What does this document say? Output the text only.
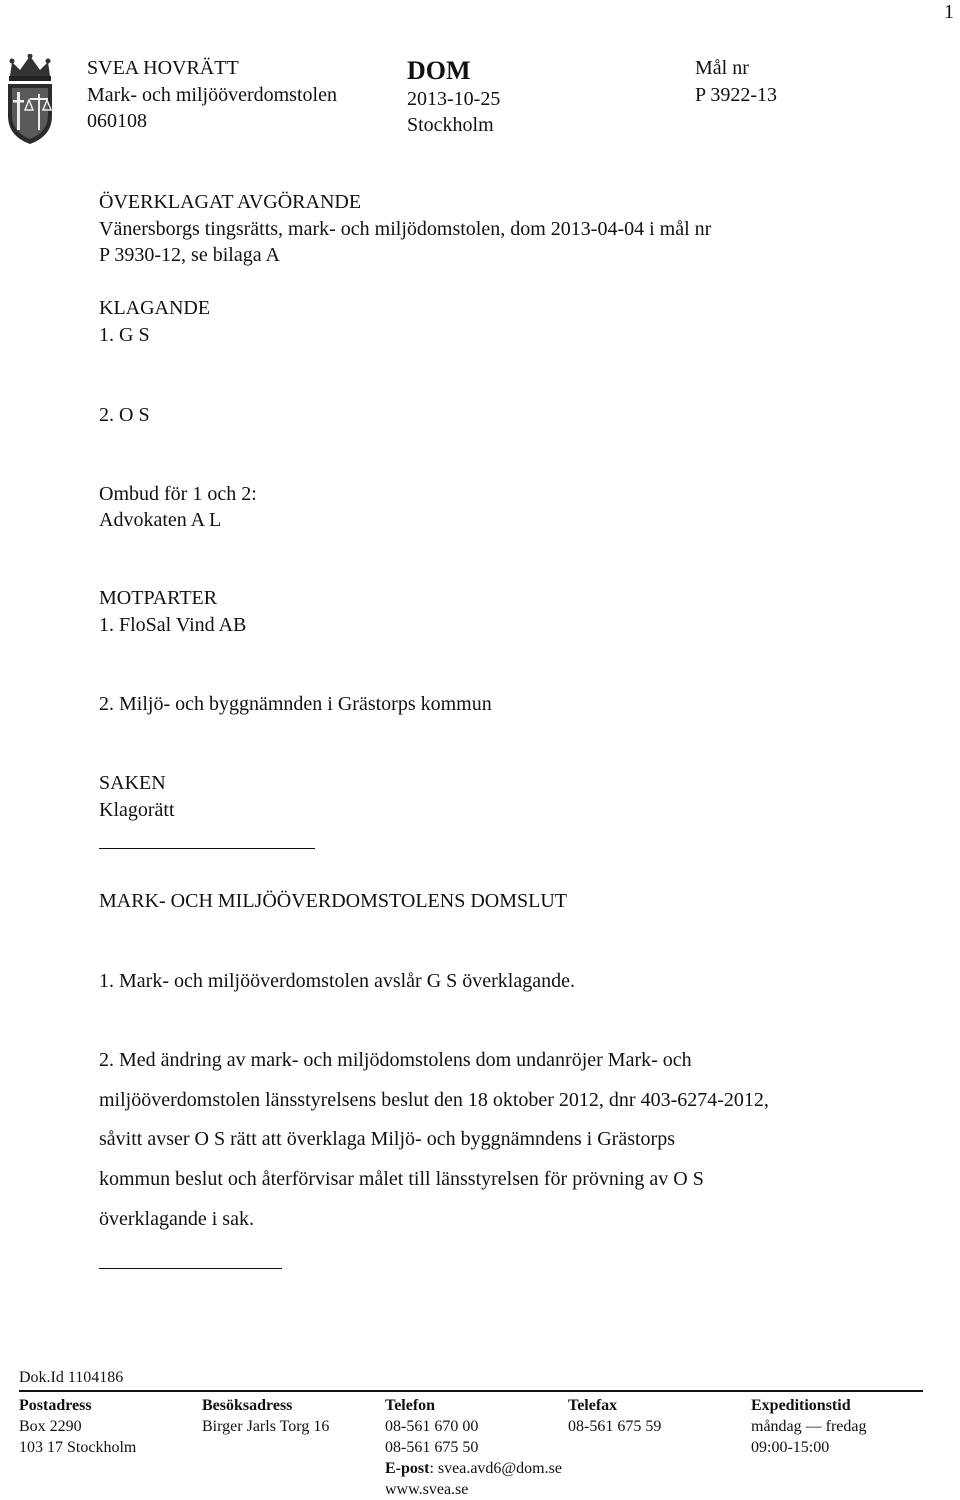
1
SVEA HOVRÄTT
Mark- och miljööverdomstolen
060108
DOM
2013-10-25
Stockholm
Mål nr
P 3922-13
ÖVERKLAGAT AVGÖRANDE
Vänersborgs tingsrätts, mark- och miljödomstolen, dom 2013-04-04 i mål nr
P 3930-12, se bilaga A
KLAGANDE
1. G S
2. O S
Ombud för 1 och 2:
Advokaten A L
MOTPARTER
1. FloSal Vind AB
2. Miljö- och byggnämnden i Grästorps kommun
SAKEN
Klagorätt
MARK- OCH MILJÖÖVERDOMSTOLENS DOMSLUT
1. Mark- och miljööverdomstolen avslår G S överklagande.
2. Med ändring av mark- och miljödomstolens dom undanröjer Mark- och
miljööverdomstolen länsstyrelsens beslut den 18 oktober 2012, dnr 403-6274-2012,
såvitt avser O S rätt att överklaga Miljö- och byggnämndens i Grästorps
kommun beslut och återförvisar målet till länsstyrelsen för prövning av O S
överklagande i sak.
Dok.Id 1104186
Postadress
Box 2290
103 17 Stockholm
Besöksadress
Birger Jarls Torg 16
Telefon
08-561 670 00
08-561 675 50
E-post: svea.avd6@dom.se
www.svea.se
Telefax
08-561 675 59
Expeditionstid
måndag — fredag
09:00-15:00
